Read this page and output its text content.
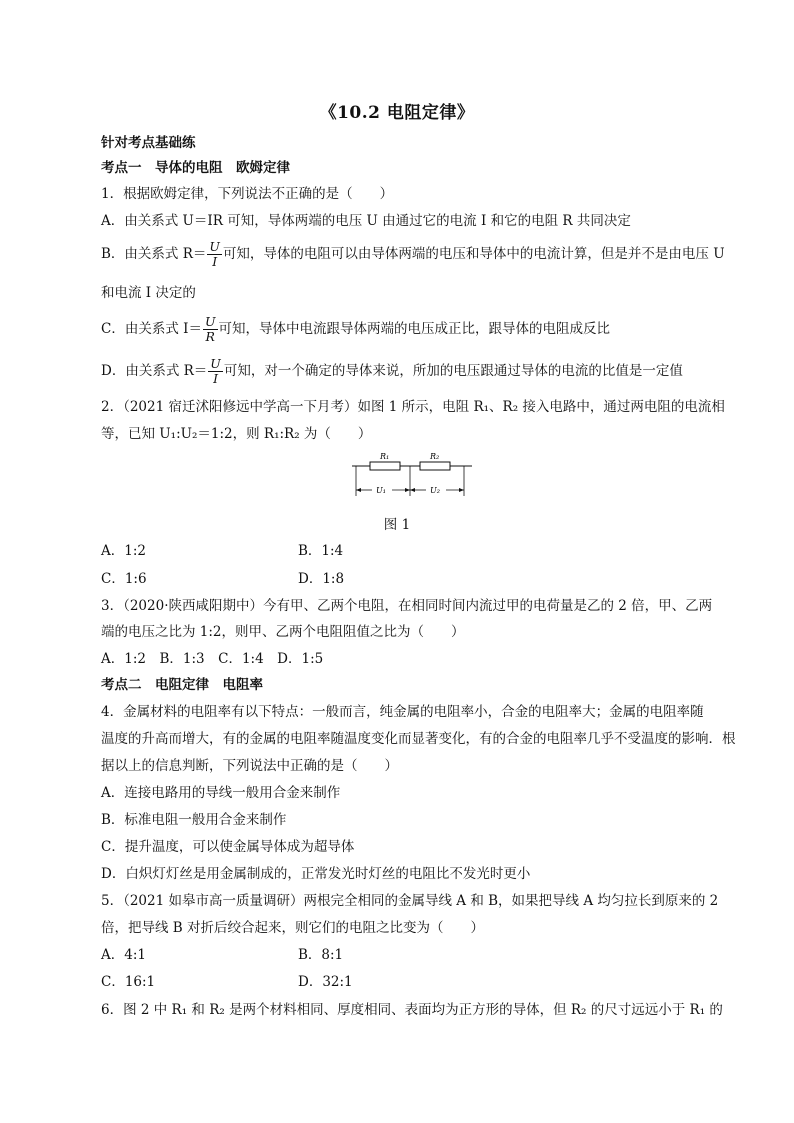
《10.2 电阻定律》
针对考点基础练
考点一　导体的电阻　欧姆定律
1．根据欧姆定律，下列说法不正确的是（　　）
A．由关系式 U＝IR 可知，导体两端的电压 U 由通过它的电流 I 和它的电阻 R 共同决定
B．由关系式 $R= \frac{U}{I}$ 可知，导体的电阻可以由导体两端的电压和导体中的电流计算，但是并不是由电压 U
和电流 I 决定的
C．由关系式 $I= \frac{U}{R}$ 可知，导体中电流跟导体两端的电压成正比，跟导体的电阻成反比
D．由关系式 $R= \frac{U}{I}$ 可知，对一个确定的导体来说，所加的电压跟通过导体的电流的比值是一定值
2．（2021 宿迁沭阳修远中学高一下月考）如图 1 所示，电阻 R₁、R₂ 接入电路中，通过两电阻的电流相
等，已知 U₁:U₂＝1:2，则 R₁:R₂ 为（　　）
R₁	R₂
U₁	U₂
图 1
A．1:2	B．1:4
C．1:6	D．1:8
3．（2020·陕西咸阳期中）今有甲、乙两个电阻，在相同时间内流过甲的电荷量是乙的 2 倍，甲、乙两
端的电压之比为 1:2，则甲、乙两个电阻阻值之比为（　　）
A．1:2　B．1:3　C．1:4　D．1:5
考点二　电阻定律　电阻率
4．金属材料的电阻率有以下特点：一般而言，纯金属的电阻率小，合金的电阻率大；金属的电阻率随
温度的升高而增大，有的金属的电阻率随温度变化而显著变化，有的合金的电阻率几乎不受温度的影响．根
据以上的信息判断，下列说法中正确的是（　　）
A．连接电路用的导线一般用合金来制作
B．标准电阻一般用合金来制作
C．提升温度，可以使金属导体成为超导体
D．白炽灯灯丝是用金属制成的，正常发光时灯丝的电阻比不发光时更小
5．（2021 如皋市高一质量调研）两根完全相同的金属导线 A 和 B，如果把导线 A 均匀拉长到原来的 2
倍，把导线 B 对折后绞合起来，则它们的电阻之比变为（　　）
A．4:1	B．8:1
C．16:1	D．32:1
6．图 2 中 R₁ 和 R₂ 是两个材料相同、厚度相同、表面均为正方形的导体，但 R₂ 的尺寸远远小于 R₁ 的
